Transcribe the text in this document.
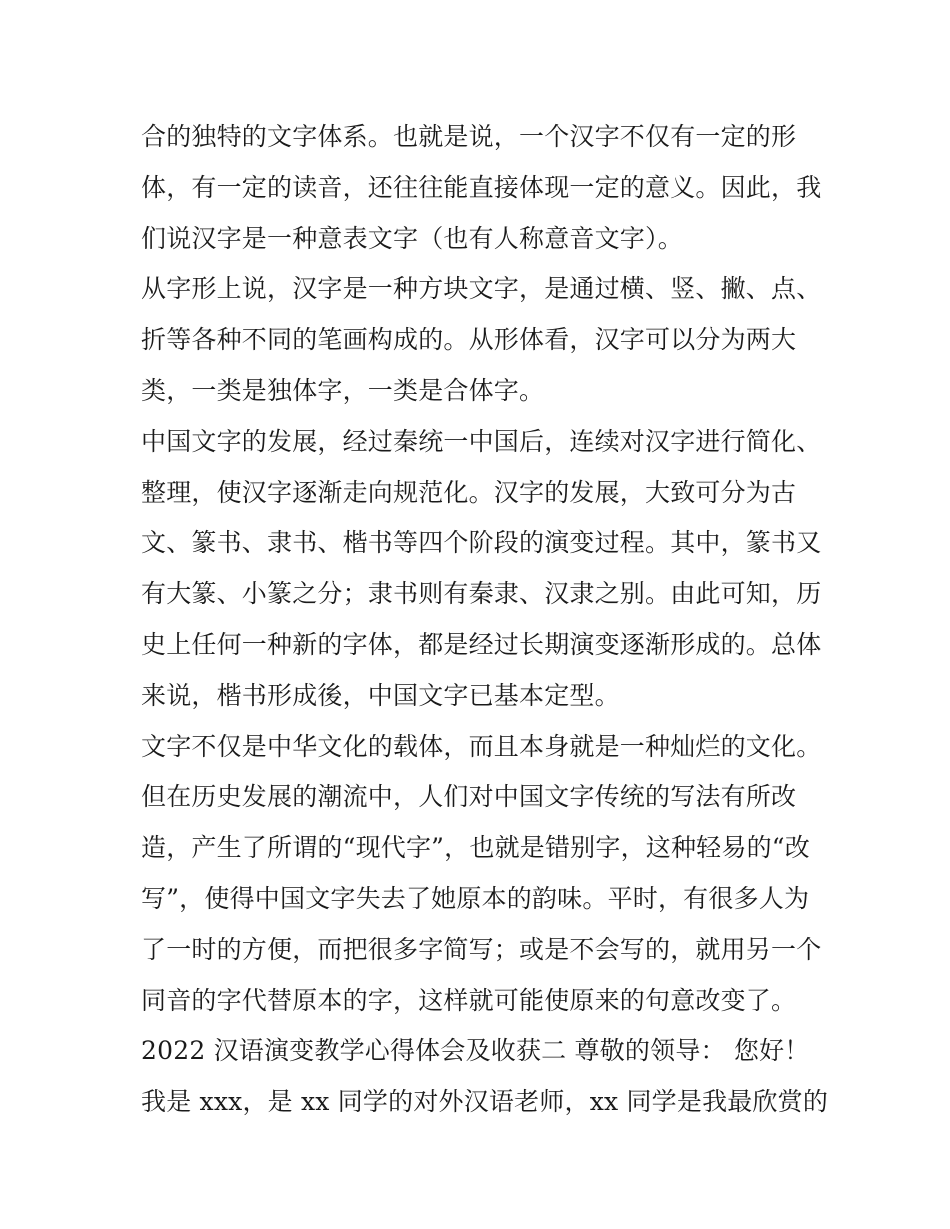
合的独特的文字体系。也就是说，一个汉字不仅有一定的形
体，有一定的读音，还往往能直接体现一定的意义。因此，我
们说汉字是一种意表文字（也有人称意音文字）。
从字形上说，汉字是一种方块文字，是通过横、竖、撇、点、
折等各种不同的笔画构成的。从形体看，汉字可以分为两大
类，一类是独体字，一类是合体字。
中国文字的发展，经过秦统一中国后，连续对汉字进行简化、
整理，使汉字逐渐走向规范化。汉字的发展，大致可分为古
文、篆书、隶书、楷书等四个阶段的演变过程。其中，篆书又
有大篆、小篆之分；隶书则有秦隶、汉隶之别。由此可知，历
史上任何一种新的字体，都是经过长期演变逐渐形成的。总体
来说，楷书形成後，中国文字已基本定型。
文字不仅是中华文化的载体，而且本身就是一种灿烂的文化。
但在历史发展的潮流中，人们对中国文字传统的写法有所改
造，产生了所谓的“现代字”，也就是错别字，这种轻易的“改
写”，使得中国文字失去了她原本的韵味。平时，有很多人为
了一时的方便，而把很多字简写；或是不会写的，就用另一个
同音的字代替原本的字，这样就可能使原来的句意改变了。
2022 汉语演变教学心得体会及收获二 尊敬的领导： 您好！
我是 xxx，是 xx 同学的对外汉语老师，xx 同学是我最欣赏的
